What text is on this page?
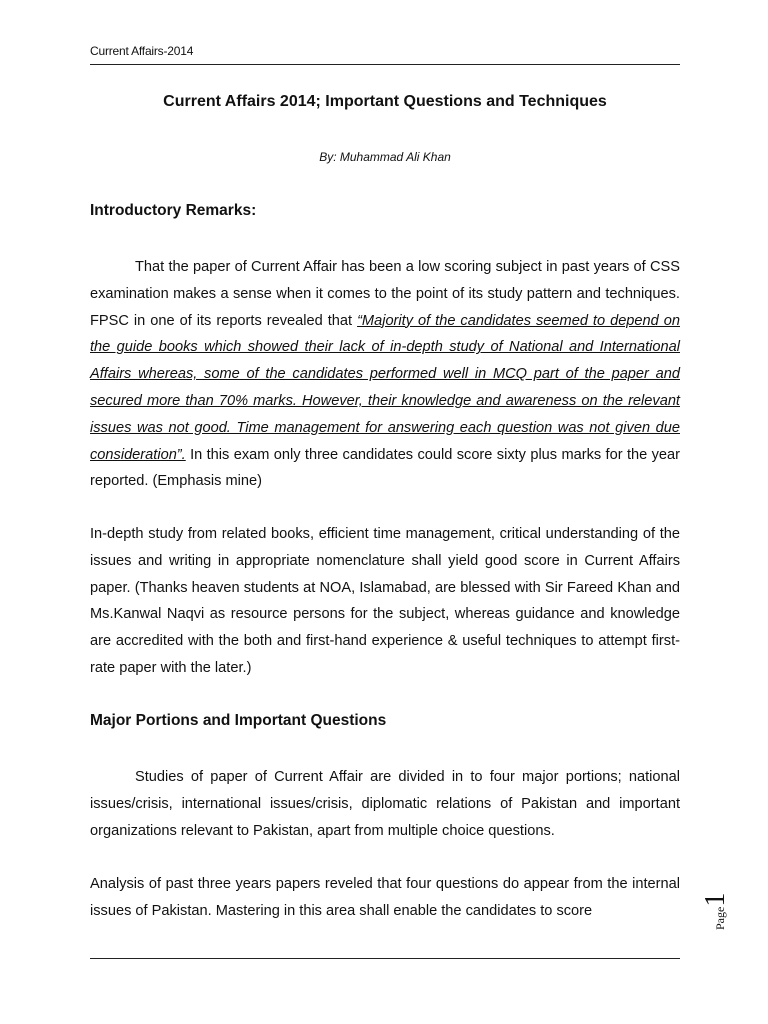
Current Affairs-2014
Current Affairs 2014; Important Questions and Techniques
By: Muhammad Ali Khan
Introductory Remarks:

That the paper of Current Affair has been a low scoring subject in past years of CSS examination makes a sense when it comes to the point of its study pattern and techniques. FPSC in one of its reports revealed that “Majority of the candidates seemed to depend on the guide books which showed their lack of in-depth study of National and International Affairs whereas, some of the candidates performed well in MCQ part of the paper and secured more than 70% marks. However, their knowledge and awareness on the relevant issues was not good. Time management for answering each question was not given due consideration”. In this exam only three candidates could score sixty plus marks for the year reported. (Emphasis mine)

In-depth study from related books, efficient time management, critical understanding of the issues and writing in appropriate nomenclature shall yield good score in Current Affairs paper. (Thanks heaven students at NOA, Islamabad, are blessed with Sir Fareed Khan and Ms.Kanwal Naqvi as resource persons for the subject, whereas guidance and knowledge are accredited with the both and first-hand experience & useful techniques to attempt first-rate paper with the later.)

Major Portions and Important Questions

Studies of paper of Current Affair are divided in to four major portions; national issues/crisis, international issues/crisis, diplomatic relations of Pakistan and important organizations relevant to Pakistan, apart from multiple choice questions.

Analysis of past three years papers reveled that four questions do appear from the internal issues of Pakistan. Mastering in this area shall enable the candidates to score	Page1
